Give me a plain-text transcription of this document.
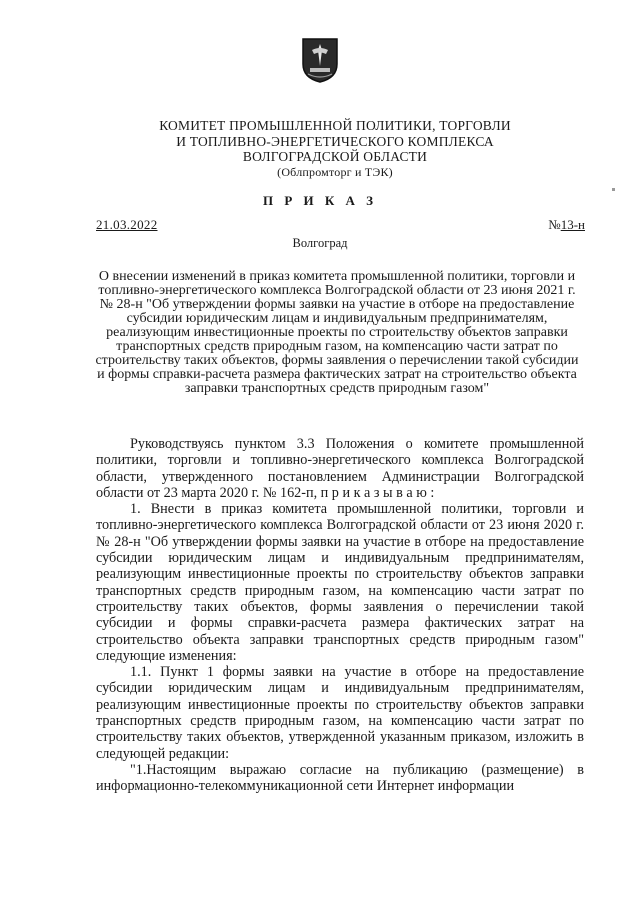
КОМИТЕТ ПРОМЫШЛЕННОЙ ПОЛИТИКИ, ТОРГОВЛИ
И ТОПЛИВНО-ЭНЕРГЕТИЧЕСКОГО КОМПЛЕКСА
ВОЛГОГРАДСКОЙ ОБЛАСТИ
(Облпромторг и ТЭК)
П Р И К А З
21.03.2022	№13-н
Волгоград
О внесении изменений в приказ комитета промышленной политики, торговли и топливно-энергетического комплекса Волгоградской области от 23 июня 2021 г. № 28-н "Об утверждении формы заявки на участие в отборе на предоставление субсидии юридическим лицам и индивидуальным предпринимателям, реализующим инвестиционные проекты по строительству объектов заправки транспортных средств природным газом, на компенсацию части затрат по строительству таких объектов, формы заявления о перечислении такой субсидии и формы справки-расчета размера фактических затрат на строительство объекта заправки транспортных средств природным газом"

Руководствуясь пунктом 3.3 Положения о комитете промышленной политики, торговли и топливно-энергетического комплекса Волгоградской области, утвержденного постановлением Администрации Волгоградской области от 23 марта 2020 г. № 162-п, п р и к а з ы в а ю :

1. Внести в приказ комитета промышленной политики, торговли и топливно-энергетического комплекса Волгоградской области от 23 июня 2020 г. № 28-н "Об утверждении формы заявки на участие в отборе на предоставление субсидии юридическим лицам и индивидуальным предпринимателям, реализующим инвестиционные проекты по строительству объектов заправки транспортных средств природным газом, на компенсацию части затрат по строительству таких объектов, формы заявления о перечислении такой субсидии и формы справки-расчета размера фактических затрат на строительство объекта заправки транспортных средств природным газом" следующие изменения:

1.1. Пункт 1 формы заявки на участие в отборе на предоставление субсидии юридическим лицам и индивидуальным предпринимателям, реализующим инвестиционные проекты по строительству объектов заправки транспортных средств природным газом, на компенсацию части затрат по строительству таких объектов, утвержденной указанным приказом, изложить в следующей редакции:

"1.Настоящим выражаю согласие на публикацию (размещение) в информационно-телекоммуникационной сети Интернет информации
